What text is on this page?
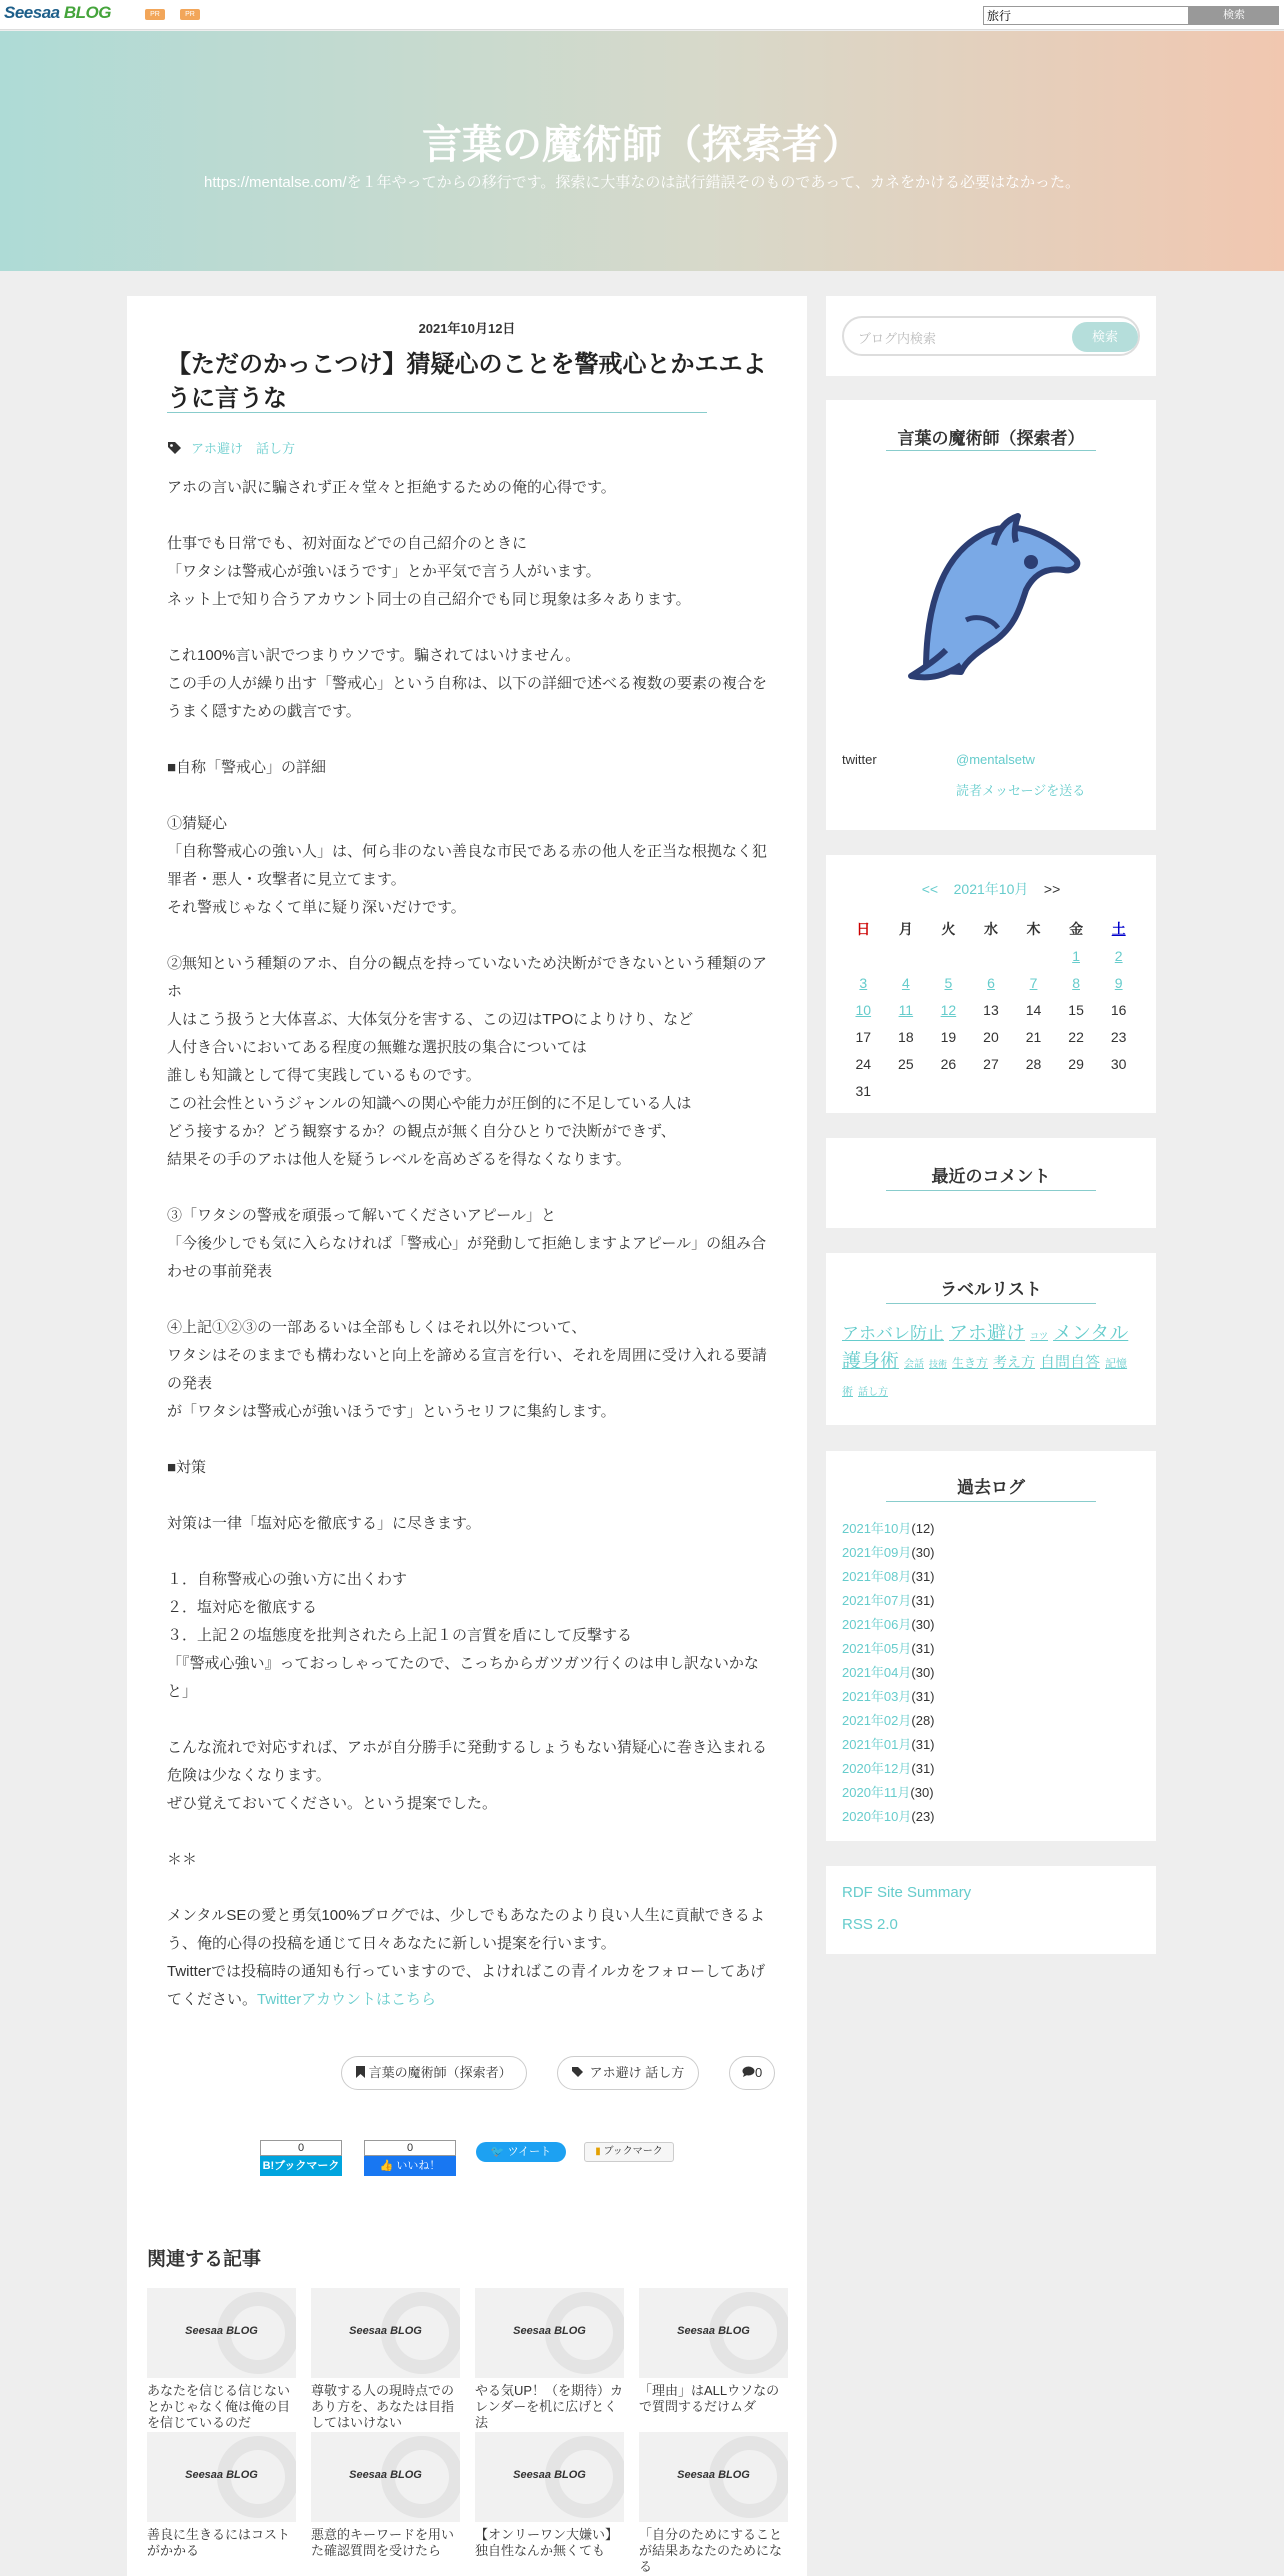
Seesaa BLOG	PR	PR
旅行	検索
言葉の魔術師（探索者）
https://mentalse.com/を１年やってからの移行です。探索に大事なのは試行錯誤そのものであって、カネをかける必要はなかった。
2021年10月12日
【ただのかっこつけ】猜疑心のことを警戒心とかエエように言うな
アホ避け　話し方

アホの言い訳に騙されず正々堂々と拒絶するための俺的心得です。

仕事でも日常でも、初対面などでの自己紹介のときに

「ワタシは警戒心が強いほうです」とか平気で言う人がいます。

ネット上で知り合うアカウント同士の自己紹介でも同じ現象は多々あります。

これ100%言い訳でつまりウソです。騙されてはいけません。

この手の人が繰り出す「警戒心」という自称は、以下の詳細で述べる複数の要素の複合をうまく隠すための戯言です。

■自称「警戒心」の詳細

①猜疑心

「自称警戒心の強い人」は、何ら非のない善良な市民である赤の他人を正当な根拠なく犯罪者・悪人・攻撃者に見立てます。

それ警戒じゃなくて単に疑り深いだけです。

②無知という種類のアホ、自分の観点を持っていないため決断ができないという種類のアホ

人はこう扱うと大体喜ぶ、大体気分を害する、この辺はTPOによりけり、など

人付き合いにおいてある程度の無難な選択肢の集合については

誰しも知識として得て実践しているものです。

この社会性というジャンルの知識への関心や能力が圧倒的に不足している人は

どう接するか？どう観察するか？の観点が無く自分ひとりで決断ができず、

結果その手のアホは他人を疑うレベルを高めざるを得なくなります。

③「ワタシの警戒を頑張って解いてくださいアピール」と

「今後少しでも気に入らなければ「警戒心」が発動して拒絶しますよアピール」の組み合わせの事前発表

④上記①②③の一部あるいは全部もしくはそれ以外について、

ワタシはそのままでも構わないと向上を諦める宣言を行い、それを周囲に受け入れる要請の発表

が「ワタシは警戒心が強いほうです」というセリフに集約します。

■対策

対策は一律「塩対応を徹底する」に尽きます。

１．自称警戒心の強い方に出くわす

２．塩対応を徹底する

３．上記２の塩態度を批判されたら上記１の言質を盾にして反撃する

「『警戒心強い』っておっしゃってたので、こっちからガツガツ行くのは申し訳ないかなと」

こんな流れで対応すれば、アホが自分勝手に発動するしょうもない猜疑心に巻き込まれる危険は少なくなります。

ぜひ覚えておいてください。という提案でした。

＊＊

メンタルSEの愛と勇気100%ブログでは、少しでもあなたのより良い人生に貢献できるよう、俺的心得の投稿を通じて日々あなたに新しい提案を行います。

Twitterでは投稿時の通知も行っていますので、よければこの青イルカをフォローしてあげてください。Twitterアカウントはこちら

言葉の魔術師（探索者）	アホ避け 話し方	0
0
B!ブックマーク
0
👍 いいね！
🐦 ツイート	▮ ブックマーク
関連する記事
Seesaa BLOG
あなたを信じる信じないとかじゃなく俺は俺の目を信じているのだ
Seesaa BLOG
尊敬する人の現時点でのあり方を、あなたは目指してはいけない
Seesaa BLOG
やる気UP！（を期待）カレンダーを机に広げとく法
Seesaa BLOG
「理由」はALLウソなので質問するだけムダ
Seesaa BLOG
善良に生きるにはコストがかかる
Seesaa BLOG
悪意的キーワードを用いた確認質問を受けたら
Seesaa BLOG
【オンリーワン大嫌い】独自性なんか無くても
Seesaa BLOG
「自分のためにすることが結果あなたのためになる
ブログ内検索	検索
言葉の魔術師（探索者）
twitter	@mentalsetw
読者メッセージを送る
<< 2021年10月 >>
日	月	火	水	木	金	土
					1	2
3	4	5	6	7	8	9
10	11	12	13	14	15	16
17	18	19	20	21	22	23
24	25	26	27	28	29	30
31						
最近のコメント
ラベルリスト
アホバレ防止 アホ避け コツ メンタル護身術 会話 技術 生き方 考え方 自問自答 記憶術 話し方
過去ログ
2021年10月(12)
2021年09月(30)
2021年08月(31)
2021年07月(31)
2021年06月(30)
2021年05月(31)
2021年04月(30)
2021年03月(31)
2021年02月(28)
2021年01月(31)
2020年12月(31)
2020年11月(30)
2020年10月(23)
RDF Site Summary
RSS 2.0
